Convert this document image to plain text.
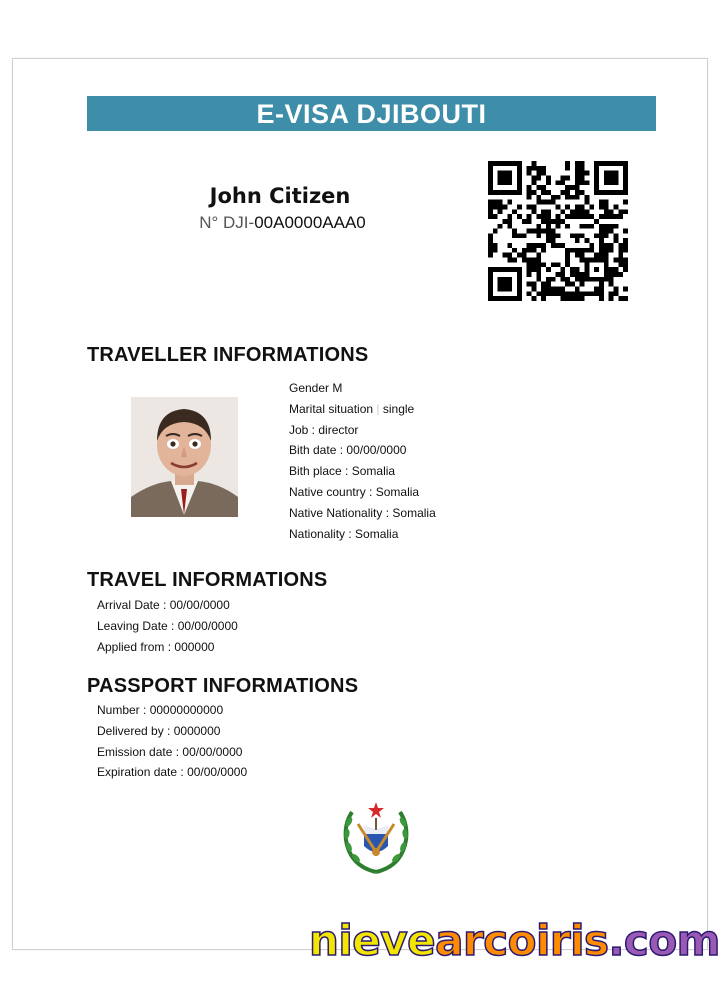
E-VISA DJIBOUTI
John Citizen
N° DJI-00A0000AAA0
TRAVELLER INFORMATIONS
Gender M
Marital situation | single
Job : director
Bith date : 00/00/0000
Bith place : Somalia
Native country : Somalia
Native Nationality : Somalia
Nationality : Somalia
TRAVEL INFORMATIONS
Arrival Date : 00/00/0000
Leaving Date : 00/00/0000
Applied from : 000000
PASSPORT INFORMATIONS
Number : 00000000000
Delivered by : 0000000
Emission date : 00/00/0000
Expiration date : 00/00/0000
nievearcoiris.com
